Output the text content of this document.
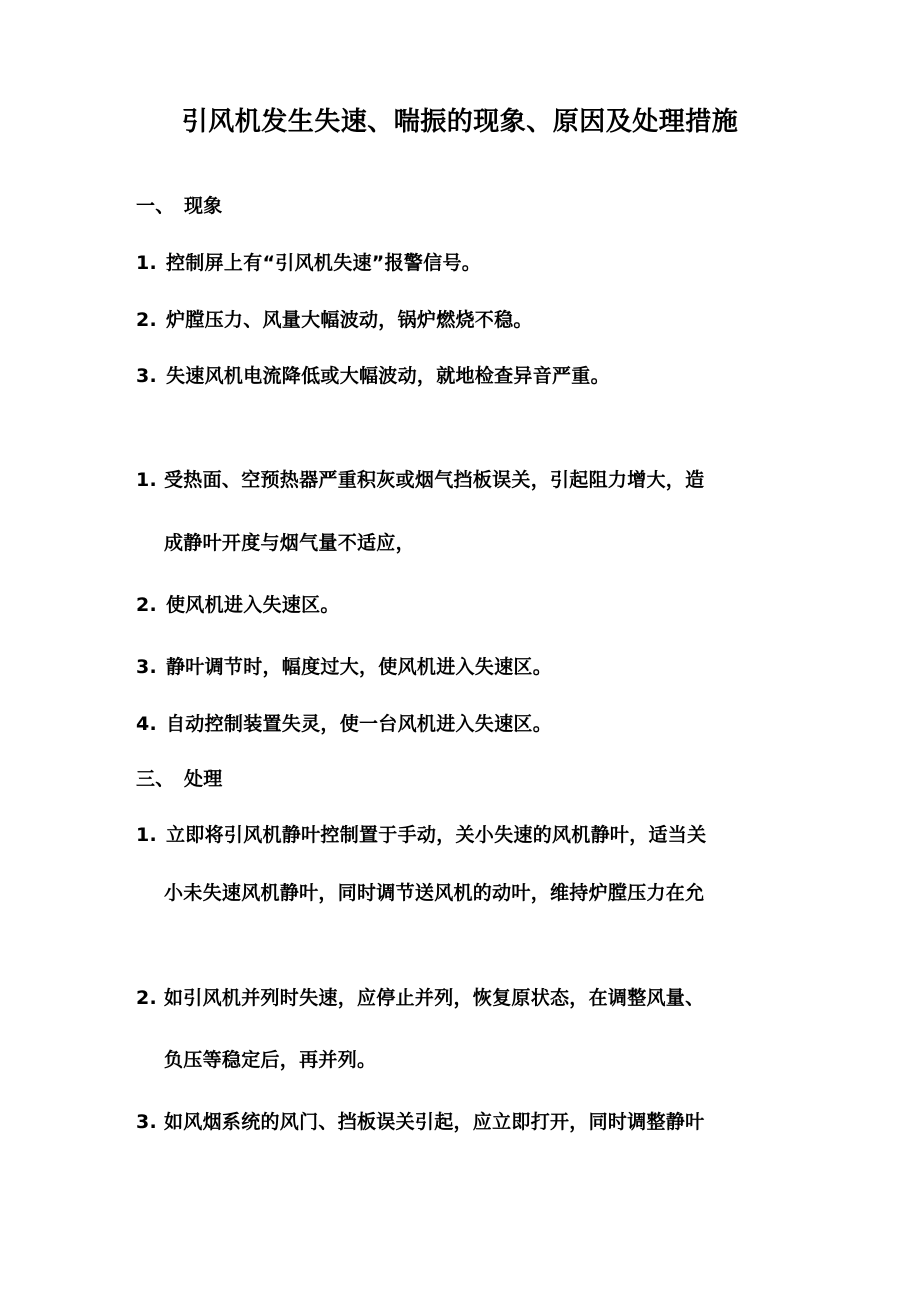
引风机发生失速、喘振的现象、原因及处理措施
一、 现象
1. 控制屏上有“引风机失速”报警信号。
2. 炉膛压力、风量大幅波动，锅炉燃烧不稳。
3. 失速风机电流降低或大幅波动，就地检查异音严重。
1. 受热面、空预热器严重积灰或烟气挡板误关，引起阻力增大，造
成静叶开度与烟气量不适应，
2. 使风机进入失速区。
3. 静叶调节时，幅度过大，使风机进入失速区。
4. 自动控制装置失灵，使一台风机进入失速区。
三、 处理
1. 立即将引风机静叶控制置于手动，关小失速的风机静叶，适当关
小未失速风机静叶，同时调节送风机的动叶，维持炉膛压力在允
2. 如引风机并列时失速，应停止并列，恢复原状态，在调整风量、
负压等稳定后，再并列。
3. 如风烟系统的风门、挡板误关引起，应立即打开，同时调整静叶
